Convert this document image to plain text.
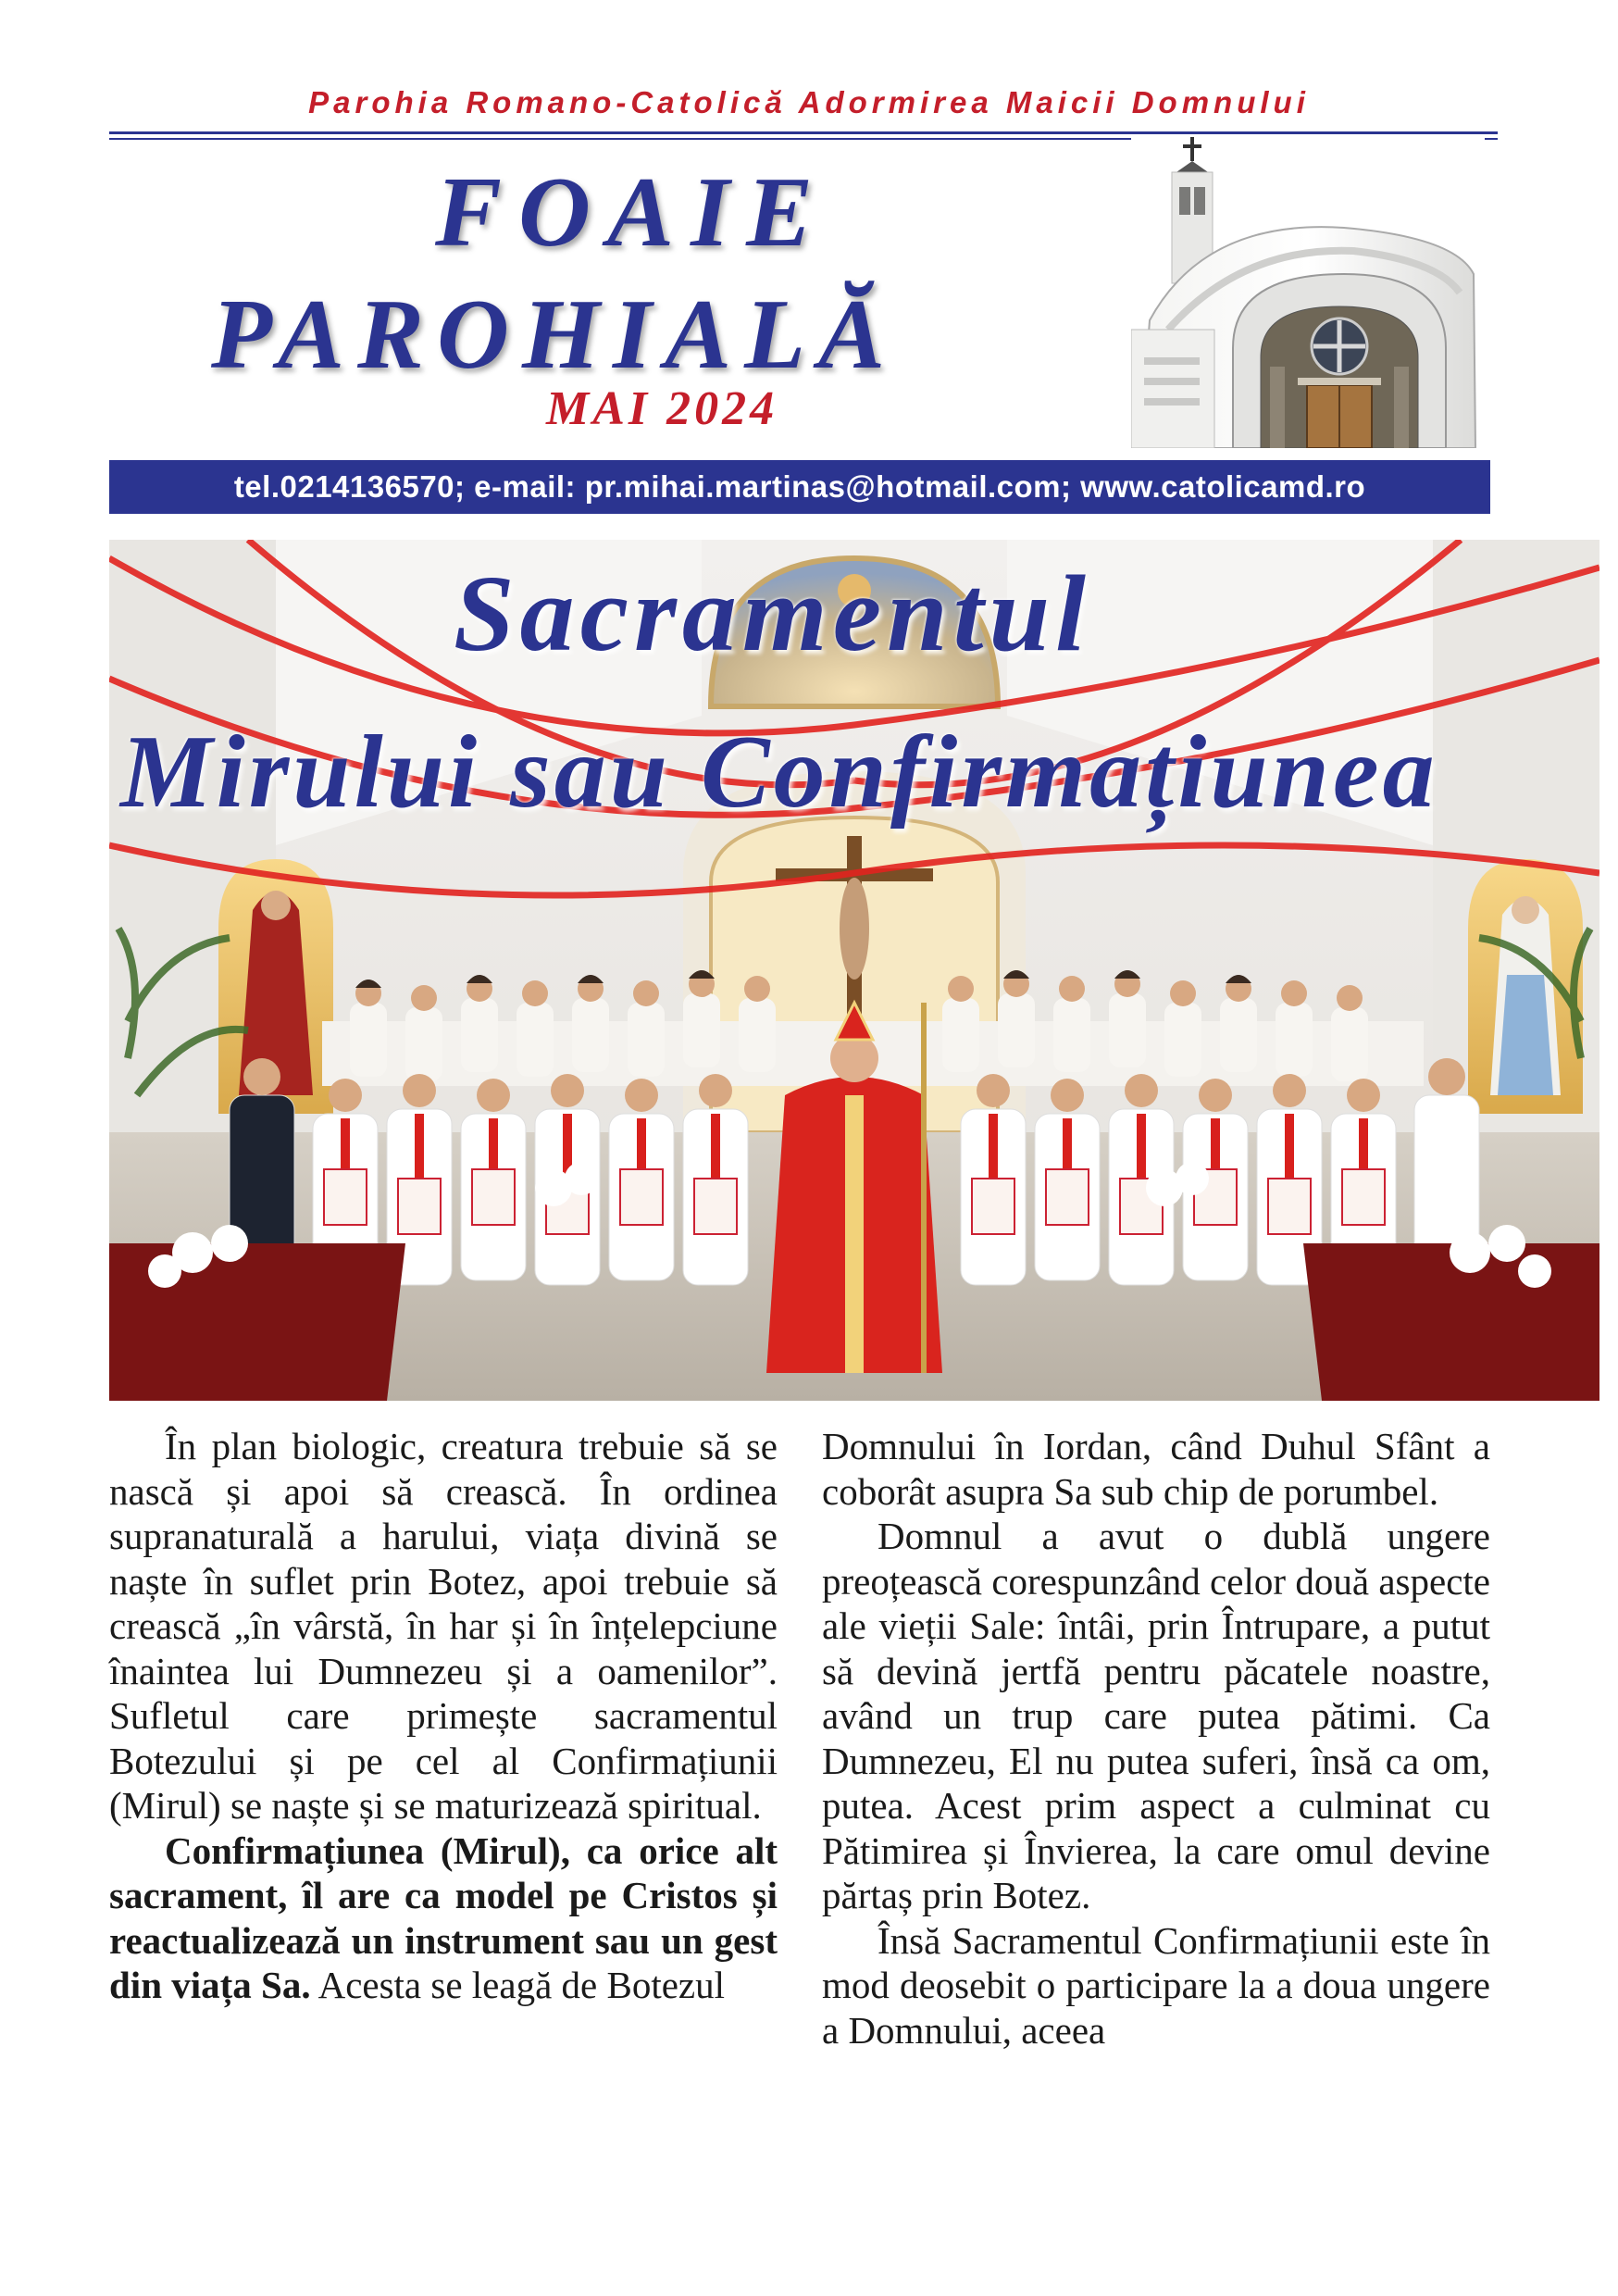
Parohia Romano-Catolică Adormirea Maicii Domnului
FOAIE
PAROHIALĂ
MAI 2024
tel.0214136570; e-mail: pr.mihai.martinas@hotmail.com; www.catolicamd.ro
Sacramentul
Mirului sau Confirmațiunea

În plan biologic, creatura trebuie să se nască și apoi să crească. În ordinea supranaturală a harului, viața divină se naște în suflet prin Botez, apoi trebuie să crească „în vârstă, în har și în înțelepciune înaintea lui Dumnezeu și a oamenilor”. Sufletul care primește sacramentul Botezului și pe cel al Confirmațiunii (Mirul) se naște și se maturizează spiritual.

Confirmațiunea (Mirul), ca orice alt sacrament, îl are ca model pe Cristos și reactualizează un instrument sau un gest din viața Sa. Acesta se leagă de Botezul

Domnului în Iordan, când Duhul Sfânt a coborât asupra Sa sub chip de porumbel.

Domnul a avut o dublă ungere preoțească corespunzând celor două aspecte ale vieții Sale: întâi, prin Întrupare, a putut să devină jertfă pentru păcatele noastre, având un trup care putea pătimi. Ca Dumnezeu, El nu putea suferi, însă ca om, putea. Acest prim aspect a culminat cu Pătimirea și Învierea, la care omul devine părtaș prin Botez.

Însă Sacramentul Confirmațiunii este în mod deosebit o participare la a doua ungere a Domnului, aceea
